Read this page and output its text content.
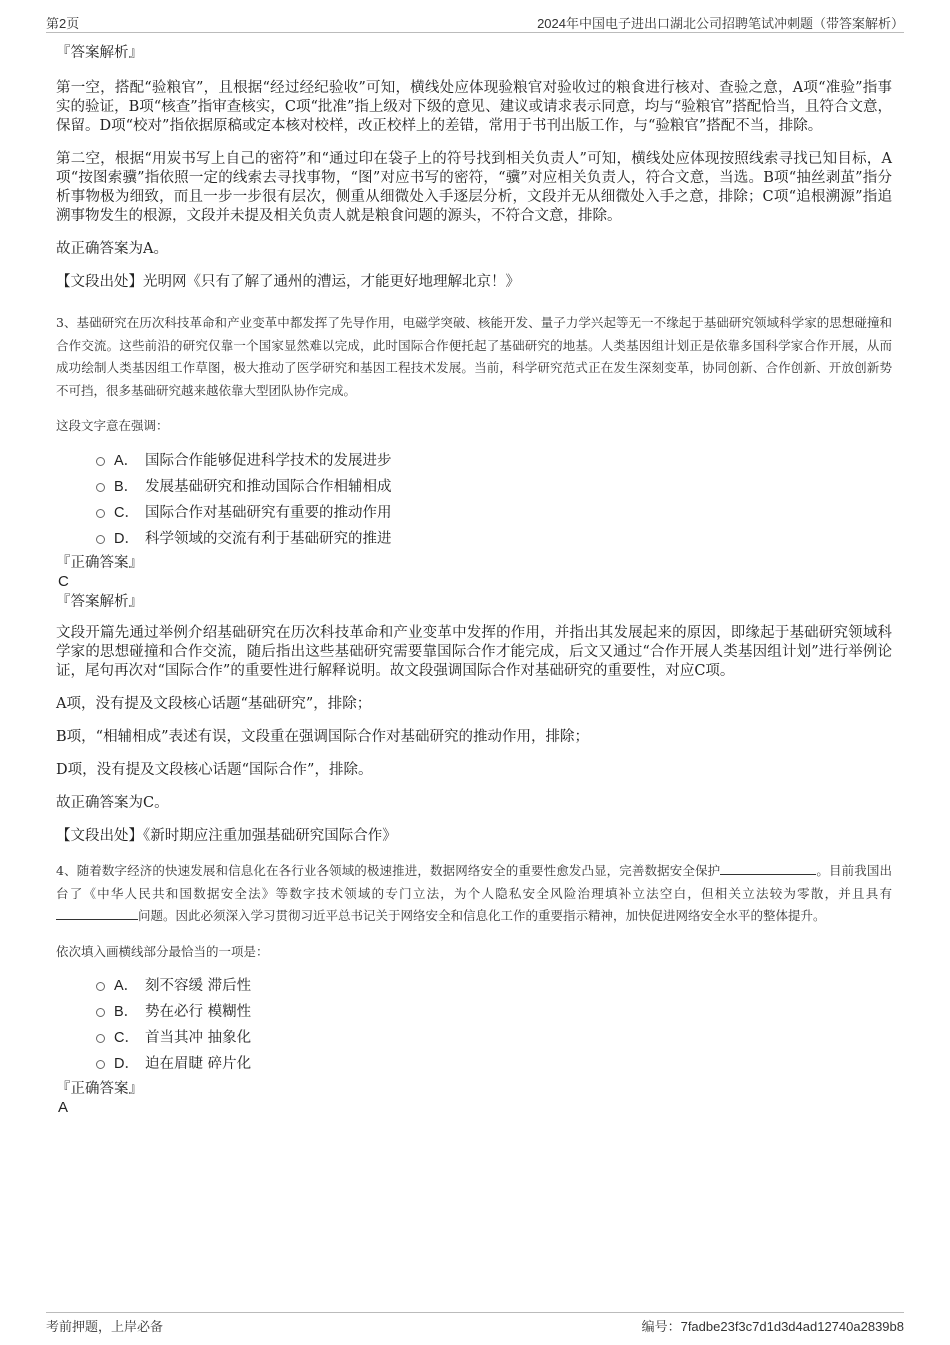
第2页	2024年中国电子进出口湖北公司招聘笔试冲刺题（带答案解析）
『答案解析』

第一空，搭配“验粮官”，且根据“经过经纪验收”可知，横线处应体现验粮官对验收过的粮食进行核对、查验之意，A项“准验”指事实的验证，B项“核查”指审查核实，C项“批准”指上级对下级的意见、建议或请求表示同意，均与“验粮官”搭配恰当，且符合文意，保留。D项“校对”指依据原稿或定本核对校样，改正校样上的差错，常用于书刊出版工作，与“验粮官”搭配不当，排除。

第二空，根据“用炭书写上自己的密符”和“通过印在袋子上的符号找到相关负责人”可知，横线处应体现按照线索寻找已知目标，A项“按图索骥”指依照一定的线索去寻找事物，“图”对应书写的密符，“骥”对应相关负责人，符合文意，当选。B项“抽丝剥茧”指分析事物极为细致，而且一步一步很有层次，侧重从细微处入手逐层分析，文段并无从细微处入手之意，排除；C项“追根溯源”指追溯事物发生的根源，文段并未提及相关负责人就是粮食问题的源头，不符合文意，排除。

故正确答案为A。

【文段出处】光明网《只有了解了通州的漕运，才能更好地理解北京！》

3、基础研究在历次科技革命和产业变革中都发挥了先导作用，电磁学突破、核能开发、量子力学兴起等无一不缘起于基础研究领域科学家的思想碰撞和合作交流。这些前沿的研究仅靠一个国家显然难以完成，此时国际合作便托起了基础研究的地基。人类基因组计划正是依靠多国科学家合作开展，从而成功绘制人类基因组工作草图，极大推动了医学研究和基因工程技术发展。当前，科学研究范式正在发生深刻变革，协同创新、合作创新、开放创新势不可挡，很多基础研究越来越依靠大型团队协作完成。

这段文字意在强调：

A． 国际合作能够促进科学技术的发展进步
B． 发展基础研究和推动国际合作相辅相成
C． 国际合作对基础研究有重要的推动作用
D． 科学领域的交流有利于基础研究的推进
『正确答案』
C
『答案解析』

文段开篇先通过举例介绍基础研究在历次科技革命和产业变革中发挥的作用，并指出其发展起来的原因，即缘起于基础研究领域科学家的思想碰撞和合作交流，随后指出这些基础研究需要靠国际合作才能完成，后文又通过“合作开展人类基因组计划”进行举例论证，尾句再次对“国际合作”的重要性进行解释说明。故文段强调国际合作对基础研究的重要性，对应C项。

A项，没有提及文段核心话题“基础研究”，排除；

B项，“相辅相成”表述有误，文段重在强调国际合作对基础研究的推动作用，排除；

D项，没有提及文段核心话题“国际合作”，排除。

故正确答案为C。

【文段出处】《新时期应注重加强基础研究国际合作》

4、随着数字经济的快速发展和信息化在各行业各领域的极速推进，数据网络安全的重要性愈发凸显，完善数据安全保护	。目前我国出台了《中华人民共和国数据安全法》等数字技术领域的专门立法，为个人隐私安全风险治理填补立法空白，但相关立法较为零散，并且具有问题。因此必须深入学习贯彻习近平总书记关于网络安全和信息化工作的重要指示精神，加快促进网络安全水平的整体提升。

依次填入画横线部分最恰当的一项是：

A． 刻不容缓 滞后性
B． 势在必行 模糊性
C． 首当其冲 抽象化
D． 迫在眉睫 碎片化
『正确答案』
A
考前押题，上岸必备	编号：7fadbe23f3c7d1d3d4ad12740a2839b8
